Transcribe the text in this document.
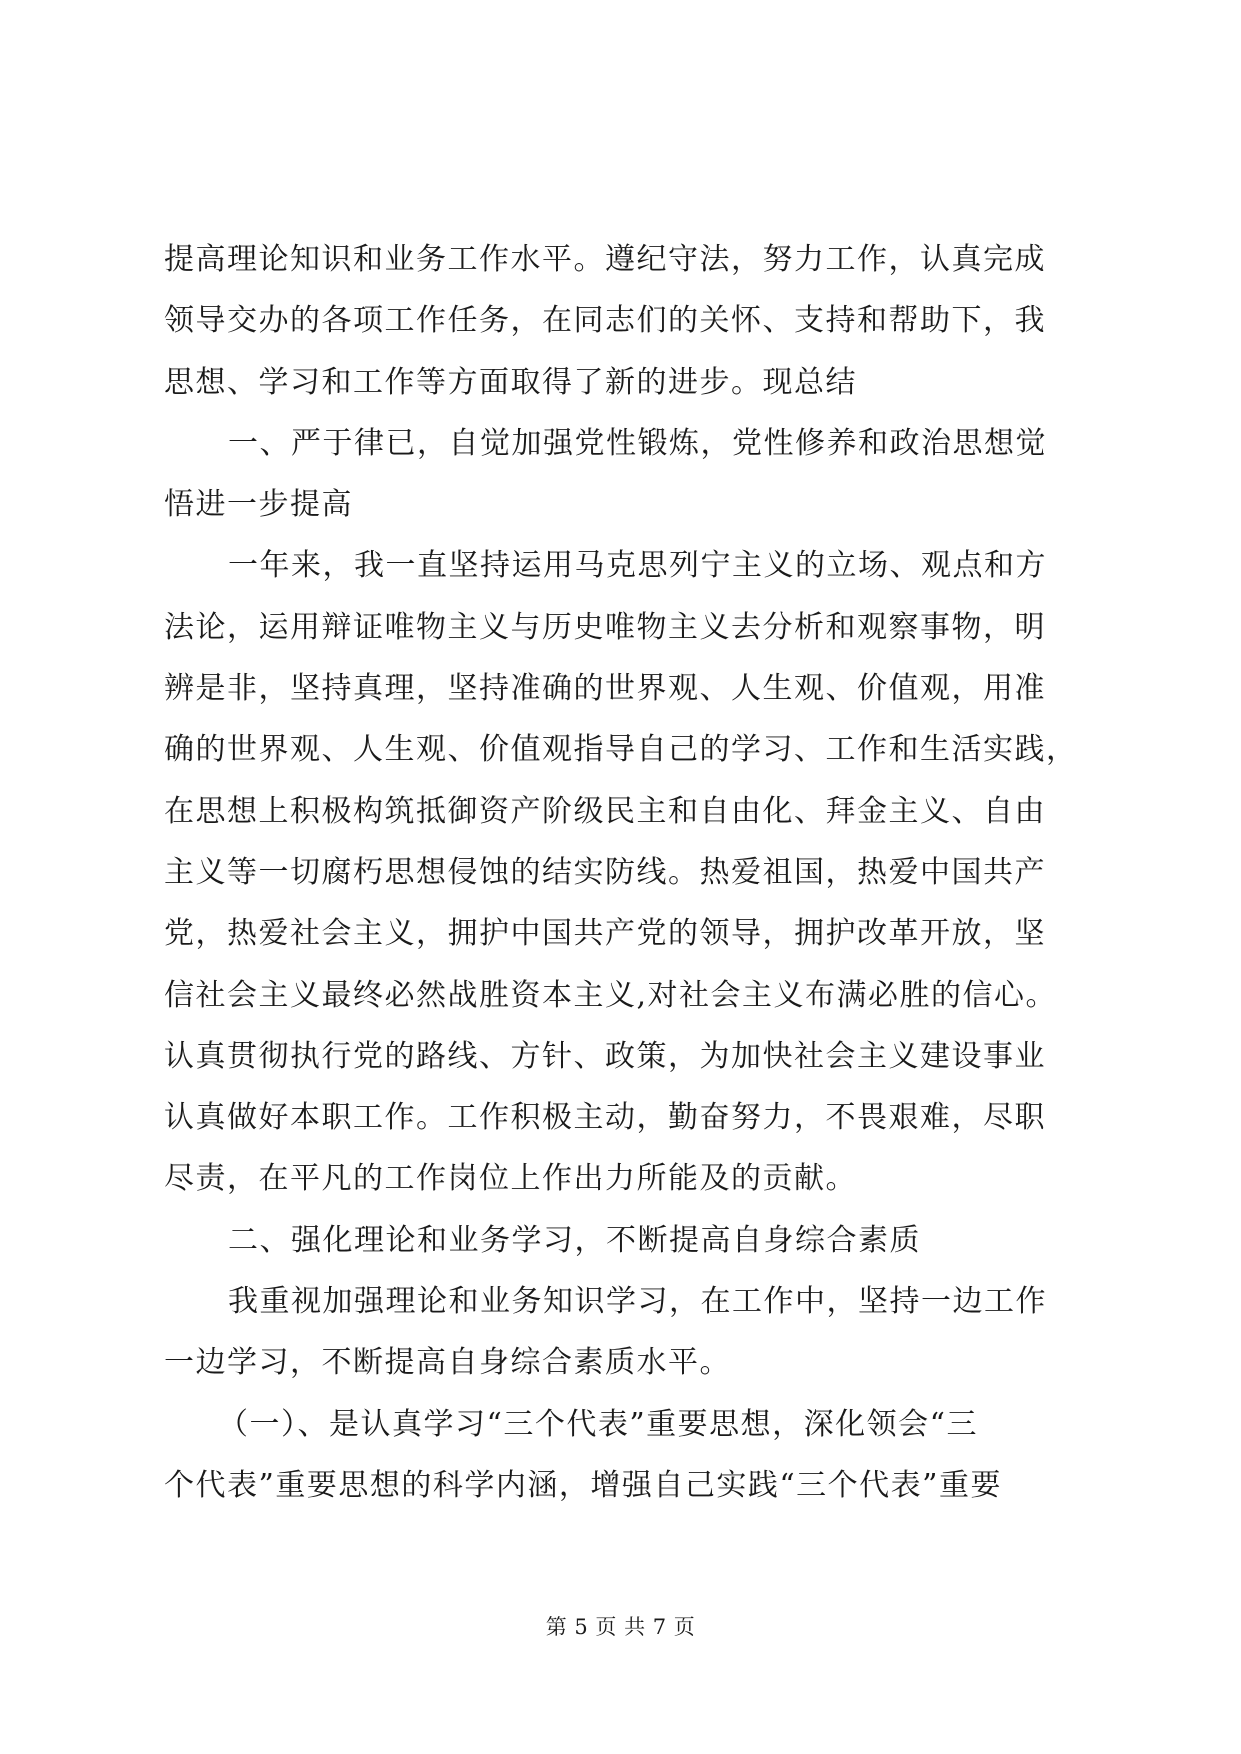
提高理论知识和业务工作水平。遵纪守法，努力工作，认真完成
领导交办的各项工作任务，在同志们的关怀、支持和帮助下，我
思想、学习和工作等方面取得了新的进步。现总结
一、严于律已，自觉加强党性锻炼，党性修养和政治思想觉
悟进一步提高
一年来，我一直坚持运用马克思列宁主义的立场、观点和方
法论，运用辩证唯物主义与历史唯物主义去分析和观察事物，明
辨是非，坚持真理，坚持准确的世界观、人生观、价值观，用准
确的世界观、人生观、价值观指导自己的学习、工作和生活实践，
在思想上积极构筑抵御资产阶级民主和自由化、拜金主义、自由
主义等一切腐朽思想侵蚀的结实防线。热爱祖国，热爱中国共产
党，热爱社会主义，拥护中国共产党的领导，拥护改革开放，坚
信社会主义最终必然战胜资本主义,对社会主义布满必胜的信心。
认真贯彻执行党的路线、方针、政策，为加快社会主义建设事业
认真做好本职工作。工作积极主动，勤奋努力，不畏艰难，尽职
尽责，在平凡的工作岗位上作出力所能及的贡献。
二、强化理论和业务学习，不断提高自身综合素质
我重视加强理论和业务知识学习，在工作中，坚持一边工作
一边学习，不断提高自身综合素质水平。
（一）、是认真学习“三个代表”重要思想，深化领会“三
个代表”重要思想的科学内涵，增强自己实践“三个代表”重要
第 5 页 共 7 页
